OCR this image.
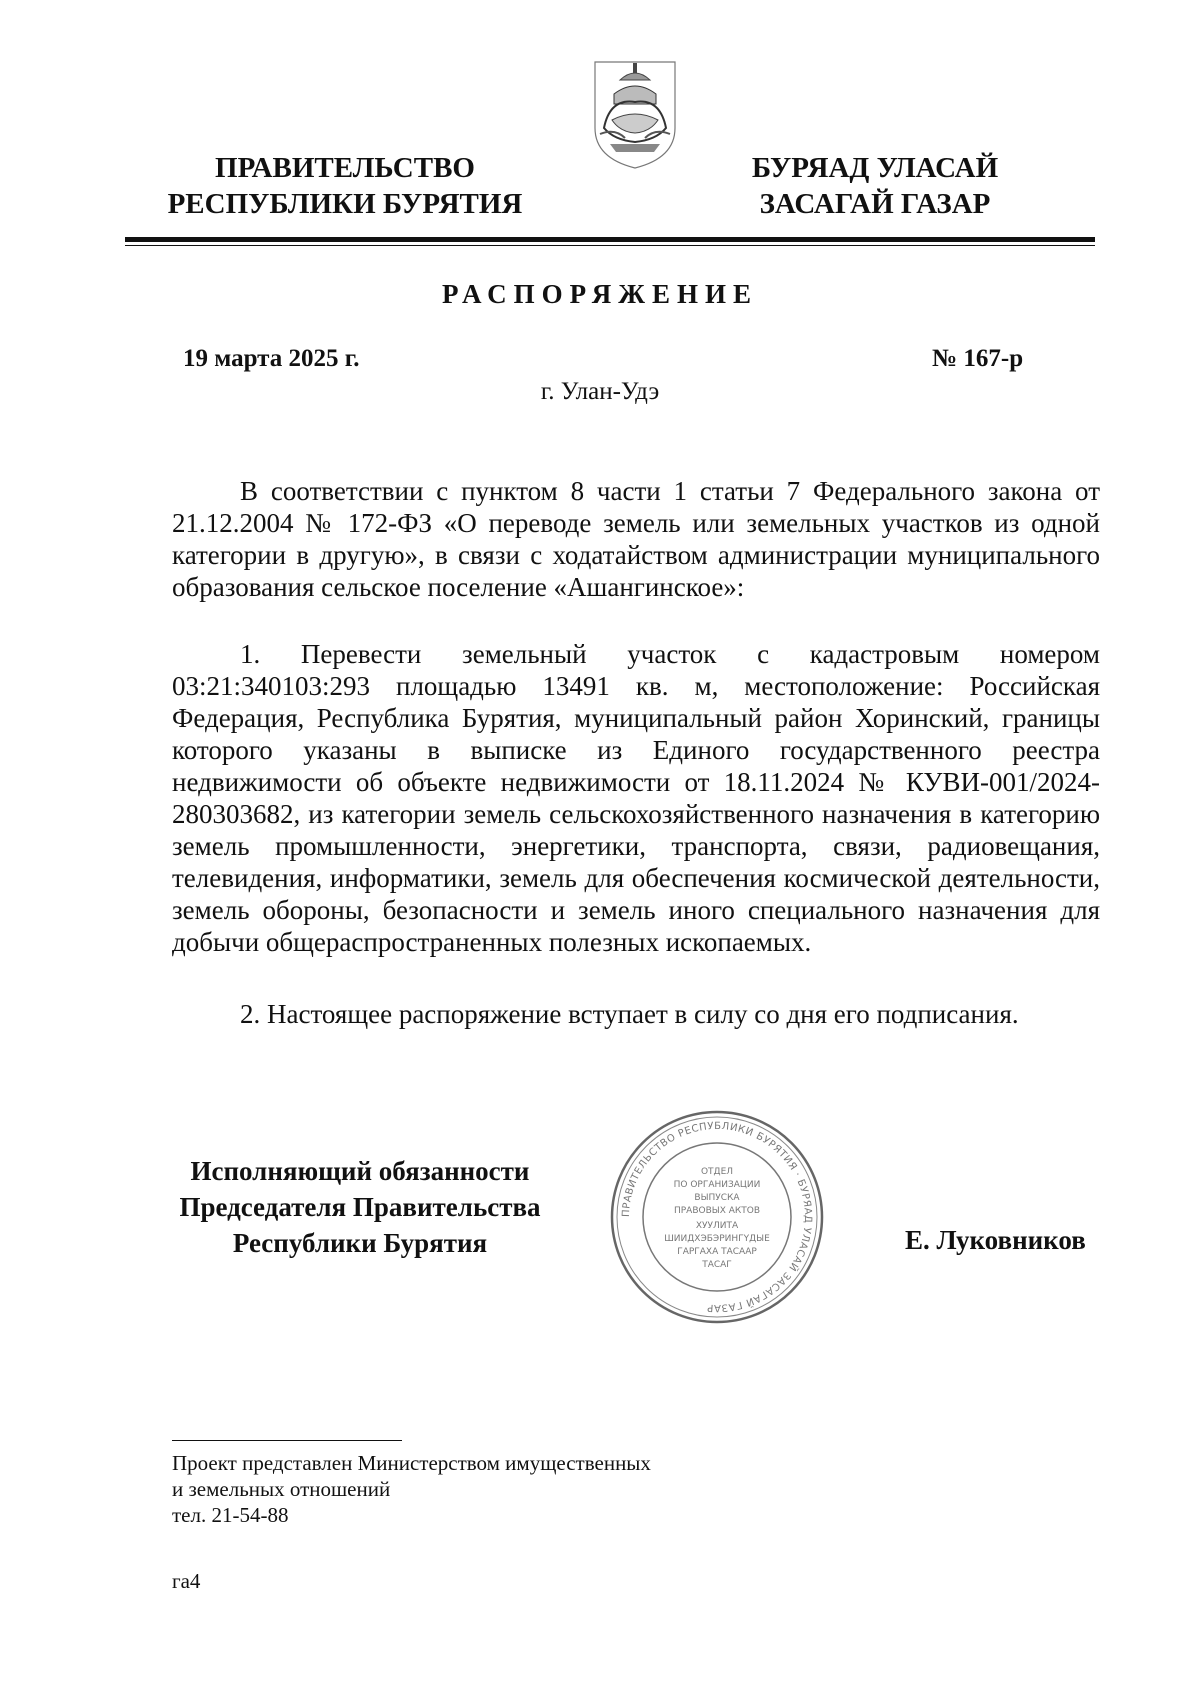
ПРАВИТЕЛЬСТВО
РЕСПУБЛИКИ БУРЯТИЯ
БУРЯАД УЛАСАЙ
ЗАСАГАЙ ГАЗАР
РАСПОРЯЖЕНИЕ
19 марта 2025 г.	№ 167-р
г. Улан-Удэ
В соответствии с пунктом 8 части 1 статьи 7 Федерального закона от 21.12.2004 № 172-ФЗ «О переводе земель или земельных участков из одной категории в другую», в связи с ходатайством администрации муниципального образования сельское поселение «Ашангинское»:
1. Перевести земельный участок с кадастровым номером 03:21:340103:293 площадью 13491 кв. м, местоположение: Российская Федерация, Республика Бурятия, муниципальный район Хоринский, границы которого указаны в выписке из Единого государственного реестра недвижимости об объекте недвижимости от 18.11.2024 № КУВИ-001/2024-280303682, из категории земель сельскохозяйственного назначения в категорию земель промышленности, энергетики, транспорта, связи, радиовещания, телевидения, информатики, земель для обеспечения космической деятельности, земель обороны, безопасности и земель иного специального назначения для добычи общераспространенных полезных ископаемых.
2. Настоящее распоряжение вступает в силу со дня его подписания.
Исполняющий обязанности
Председателя Правительства
Республики Бурятия
ПРАВИТЕЛЬСТВО РЕСПУБЛИКИ БУРЯТИЯ · БУРЯАД УЛАСАЙ ЗАСАГАЙ ГАЗАР
ОТДЕЛ
ПО ОРГАНИЗАЦИИ
ВЫПУСКА
ПРАВОВЫХ АКТОВ
ХУУЛИТА
ШИИДХЭБЭРИНГҮДЫЕ
ГАРГАХА ТАСААР
ТАСАГ
Е. Луковников
Проект представлен Министерством имущественных
и земельных отношений
тел. 21-54-88
га4
